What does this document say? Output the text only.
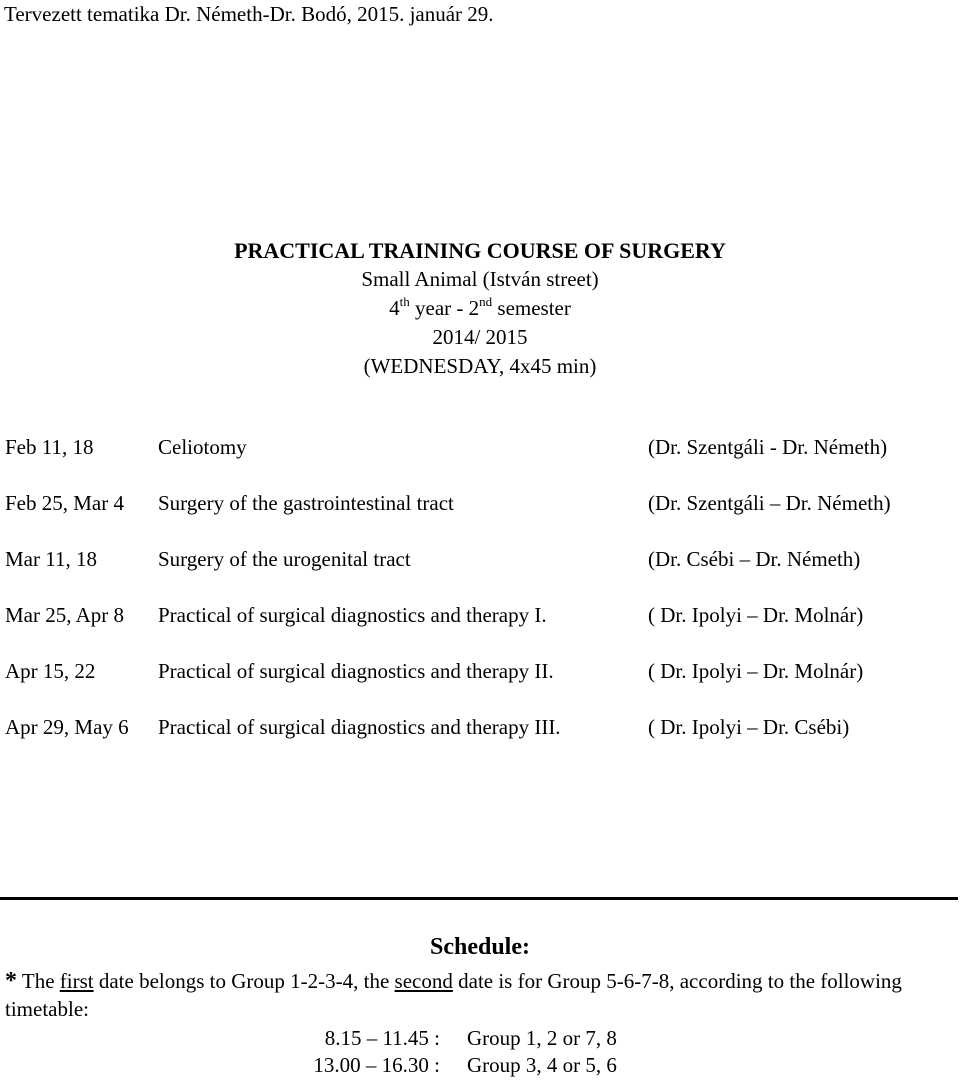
Tervezett tematika Dr. Németh-Dr. Bodó, 2015. január 29.
PRACTICAL TRAINING COURSE OF SURGERY
Small Animal (István street)
4th year - 2nd semester
2014/ 2015
(WEDNESDAY, 4x45 min)
Feb 11, 18	Celiotomy	(Dr. Szentgáli - Dr. Németh)
Feb 25, Mar 4 Surgery of the gastrointestinal tract	(Dr. Szentgáli – Dr. Németh)
Mar 11, 18	Surgery of the urogenital tract	(Dr. Csébi – Dr. Németh)
Mar 25, Apr 8 Practical of surgical diagnostics and therapy I.	( Dr. Ipolyi – Dr. Molnár)
Apr 15, 22	Practical of surgical diagnostics and therapy II.	( Dr. Ipolyi – Dr. Molnár)
Apr 29, May 6 Practical of surgical diagnostics and therapy III.	( Dr. Ipolyi – Dr. Csébi)
Schedule:
* The first date belongs to Group 1-2-3-4, the second date is for Group 5-6-7-8, according to the following timetable:
8.15 – 11.45 : Group 1, 2 or 7, 8
13.00 – 16.30 : Group 3, 4 or 5, 6
